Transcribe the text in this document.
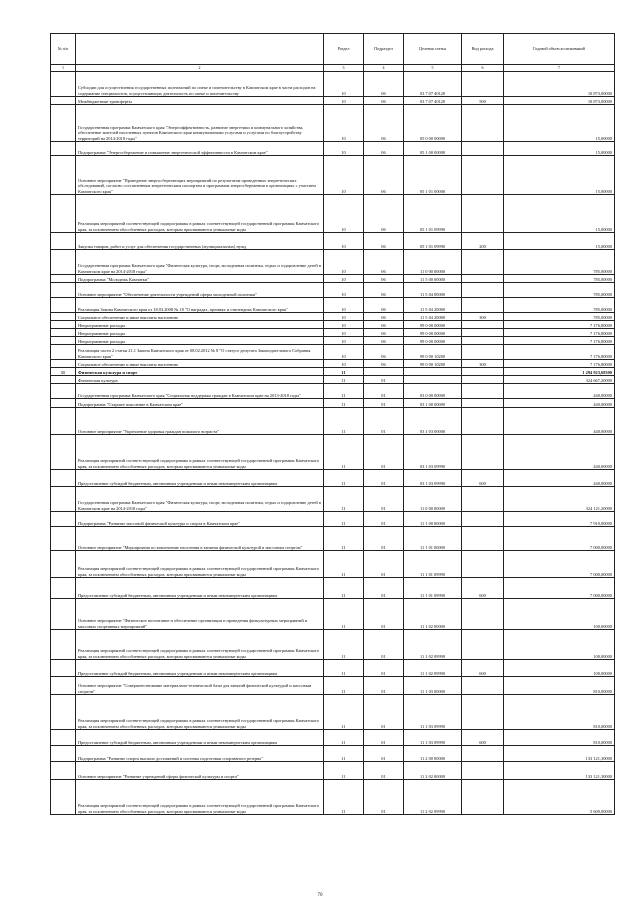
№ п/п		Раздел	Подраздел	Целевая статья	Вид расхода	Годовой объем ассигнований
1	2	3	4	5	6	7
	Субсидии для осуществления государственных полномочий по опеке и попечительству в Камчатском крае в части расходов на содержание специалистов, осуществляющих деятельность по опеке и попечительству	10	06	03 7 07 40120		10 873,00000
	Межбюджетные трансферты	10	06	03 7 07 40120	500	10 873,00000
	Государственная программа Камчатского края "Энергоэффективность, развитие энергетики и коммунального хозяйства, обеспечение жителей населенных пунктов Камчатского края коммунальными услугами и услугами по благоустройству территорий на 2014-2018 годы"	10	06	05 0 00 00000		15,00000
	Подпрограмма "Энергосбережение и повышение энергетической эффективности в Камчатском крае"	10	06	05 1 00 00000		15,00000
	Основное мероприятие "Проведение энергосберегающих мероприятий по результатам проведенных энергетических обследований, согласно составленным энергетическим паспортам и программам энергосбережения в организациях с участием Камчатского края"	10	06	05 1 01 00000		15,00000
	Реализация мероприятий соответствующей подпрограммы в рамках соответствующей государственной программы Камчатского края, за исключением обособленных расходов, которым присваиваются уникальные коды	10	06	05 1 01 09990		15,00000
	Закупка товаров, работ и услуг для обеспечения государственных (муниципальных) нужд	10	06	05 1 01 09990	200	15,00000
	Государственная программа Камчатского края "Физическая культура, спорт, молодежная политика, отдых и оздоровление детей в Камчатском крае на 2014-2018 годы"	10	06	11 0 00 00000		785,00000
	Подпрограмма "Молодежь Камчатки"	10	06	11 5 00 00000		785,00000
	Основное мероприятие "Обеспечение деятельности учреждений сферы молодежной политики"	10	06	11 5 04 00000		785,00000
	Реализация Закона Камчатского края от 18.03.2008 № 18 "О наградах, премиях и стипендиях Камчатского края"	10	06	11 5 04 20080		785,00000
	Социальное обеспечение и иные выплаты населению	10	06	11 5 04 20080	300	785,00000
	Непрограммные расходы	10	06	99 0 00 00000		7 176,80000
	Непрограммные расходы	10	06	99 0 00 00000		7 176,80000
	Непрограммные расходы	10	06	99 0 00 00000		7 176,80000
	Реализация части 2 статьи 21.1 Закона Камчатского края от 08.02.2012 № 8 "О статусе депутата Законодательного Собрания Камчатского края"	10	06	99 0 00 10200		7 176,80000
	Социальное обеспечение и иные выплаты населению	10	06	99 0 00 10200	300	7 176,80000
11	Физическая культура и спорт	11				1 294 923,68300
	Физическая культура	11	01			324 667,20000
	Государственная программа Камчатского края "Социальная поддержка граждан в Камчатском крае на 2013-2018 годы"	11	01	03 0 00 00000		440,00000
	Подпрограмма "Старшее поколение в Камчатском крае"	11	01	03 1 00 00000		440,00000
	Основное мероприятие "Укрепление здоровья граждан пожилого возраста"	11	01	03 1 03 00000		440,00000
	Реализация мероприятий соответствующей подпрограммы в рамках соответствующей государственной программы Камчатского края, за исключением обособленных расходов, которым присваиваются уникальные коды	11	01	03 1 03 09990		440,00000
	Предоставление субсидий бюджетным, автономным учреждениям и иным некоммерческим организациям	11	01	03 1 03 09990	600	440,00000
	Государственная программа Камчатского края "Физическая культура, спорт, молодежная политика, отдых и оздоровление детей в Камчатском крае на 2014-2018 годы"	11	01	11 0 00 00000		324 121,20000
	Подпрограмма "Развитие массовой физической культуры и спорта в Камчатском крае"	11	01	11 1 00 00000		7 910,00000
	Основное мероприятие "Мероприятия по вовлечению населения в занятия физической культурой и массовым спортом"	11	01	11 1 01 00000		7 000,00000
	Реализация мероприятий соответствующей подпрограммы в рамках соответствующей государственной программы Камчатского края, за исключением обособленных расходов, которым присваиваются уникальные коды	11	01	11 1 01 09990		7 000,00000
	Предоставление субсидий бюджетным, автономным учреждениям и иным некоммерческим организациям	11	01	11 1 01 09990	600	7 000,00000
	Основное мероприятие "Физическое воспитание и обеспечение организации и проведения физкультурных мероприятий и массовых спортивных мероприятий"	11	01	11 1 02 00000		100,00000
	Реализация мероприятий соответствующей подпрограммы в рамках соответствующей государственной программы Камчатского края, за исключением обособленных расходов, которым присваиваются уникальные коды	11	01	11 1 02 09990		100,00000
	Предоставление субсидий бюджетным, автономным учреждениям и иным некоммерческим организациям	11	01	11 1 02 09990	600	100,00000
	Основное мероприятие "Совершенствование материально-технической базы для занятий физической культурой и массовым спортом"	11	01	11 1 03 00000		810,00000
	Реализация мероприятий соответствующей подпрограммы в рамках соответствующей государственной программы Камчатского края, за исключением обособленных расходов, которым присваиваются уникальные коды	11	01	11 1 03 09990		810,00000
	Предоставление субсидий бюджетным, автономным учреждениям и иным некоммерческим организациям	11	01	11 1 03 09990	600	810,00000
	Подпрограмма "Развитие спорта высших достижений и системы подготовки спортивного резерва"	11	01	11 2 00 00000		133 121,30000
	Основное мероприятие "Развитие учреждений сферы физической культуры и спорта"	11	01	11 2 02 00000		133 121,30000
	Реализация мероприятий соответствующей подпрограммы в рамках соответствующей государственной программы Камчатского края, за исключением обособленных расходов, которым присваиваются уникальные коды	11	01	11 2 02 09990		5 600,00000
70
